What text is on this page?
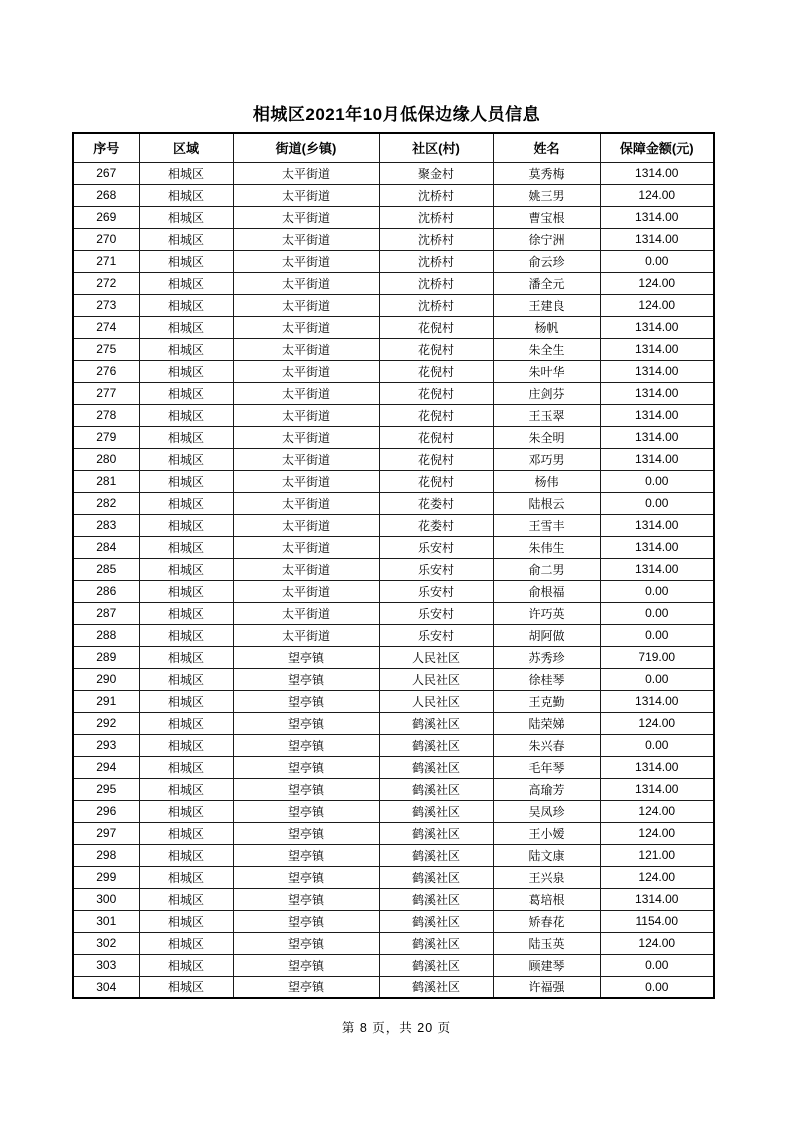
相城区2021年10月低保边缘人员信息
序号	区域	街道(乡镇)	社区(村)	姓名	保障金额(元)
267	相城区	太平街道	聚金村	莫秀梅	1314.00
268	相城区	太平街道	沈桥村	姚三男	124.00
269	相城区	太平街道	沈桥村	曹宝根	1314.00
270	相城区	太平街道	沈桥村	徐宁洲	1314.00
271	相城区	太平街道	沈桥村	俞云珍	0.00
272	相城区	太平街道	沈桥村	潘全元	124.00
273	相城区	太平街道	沈桥村	王建良	124.00
274	相城区	太平街道	花倪村	杨帆	1314.00
275	相城区	太平街道	花倪村	朱全生	1314.00
276	相城区	太平街道	花倪村	朱叶华	1314.00
277	相城区	太平街道	花倪村	庄剑芬	1314.00
278	相城区	太平街道	花倪村	王玉翠	1314.00
279	相城区	太平街道	花倪村	朱全明	1314.00
280	相城区	太平街道	花倪村	邓巧男	1314.00
281	相城区	太平街道	花倪村	杨伟	0.00
282	相城区	太平街道	花娄村	陆根云	0.00
283	相城区	太平街道	花娄村	王雪丰	1314.00
284	相城区	太平街道	乐安村	朱伟生	1314.00
285	相城区	太平街道	乐安村	俞二男	1314.00
286	相城区	太平街道	乐安村	俞根福	0.00
287	相城区	太平街道	乐安村	许巧英	0.00
288	相城区	太平街道	乐安村	胡阿做	0.00
289	相城区	望亭镇	人民社区	苏秀珍	719.00
290	相城区	望亭镇	人民社区	徐桂琴	0.00
291	相城区	望亭镇	人民社区	王克勤	1314.00
292	相城区	望亭镇	鹤溪社区	陆荣娣	124.00
293	相城区	望亭镇	鹤溪社区	朱兴春	0.00
294	相城区	望亭镇	鹤溪社区	毛年琴	1314.00
295	相城区	望亭镇	鹤溪社区	高瑜芳	1314.00
296	相城区	望亭镇	鹤溪社区	吴凤珍	124.00
297	相城区	望亭镇	鹤溪社区	王小嫒	124.00
298	相城区	望亭镇	鹤溪社区	陆文康	121.00
299	相城区	望亭镇	鹤溪社区	王兴泉	124.00
300	相城区	望亭镇	鹤溪社区	葛培根	1314.00
301	相城区	望亭镇	鹤溪社区	矫春花	1154.00
302	相城区	望亭镇	鹤溪社区	陆玉英	124.00
303	相城区	望亭镇	鹤溪社区	顾建琴	0.00
304	相城区	望亭镇	鹤溪社区	许福强	0.00
第 8 页，共 20 页
